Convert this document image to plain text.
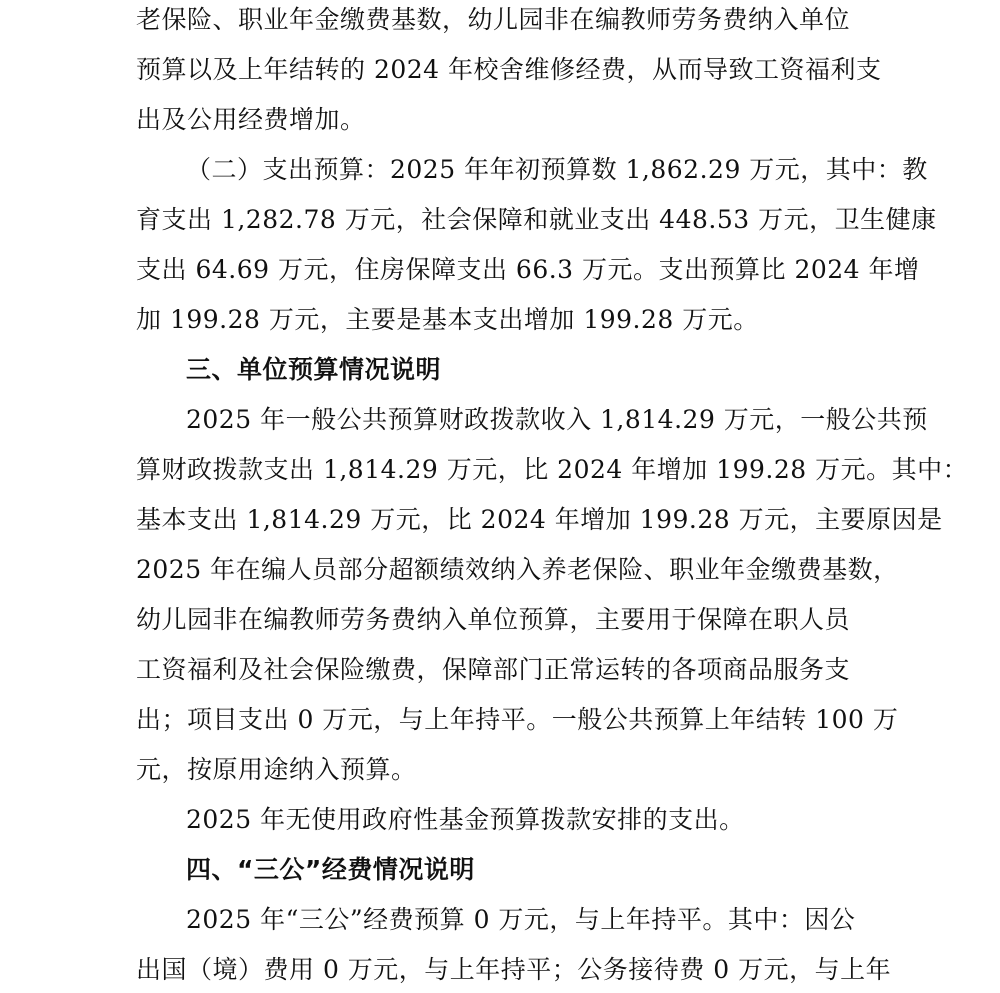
老保险、职业年金缴费基数，幼儿园非在编教师劳务费纳入单位
预算以及上年结转的 2024 年校舍维修经费，从而导致工资福利支
出及公用经费增加。
（二）支出预算：2025 年年初预算数 1,862.29 万元，其中：教
育支出 1,282.78 万元，社会保障和就业支出 448.53 万元，卫生健康
支出 64.69 万元，住房保障支出 66.3 万元。支出预算比 2024 年增
加 199.28 万元，主要是基本支出增加 199.28 万元。
三、单位预算情况说明
2025 年一般公共预算财政拨款收入 1,814.29 万元，一般公共预
算财政拨款支出 1,814.29 万元，比 2024 年增加 199.28 万元。其中：
基本支出 1,814.29 万元，比 2024 年增加 199.28 万元，主要原因是
2025 年在编人员部分超额绩效纳入养老保险、职业年金缴费基数，
幼儿园非在编教师劳务费纳入单位预算，主要用于保障在职人员
工资福利及社会保险缴费，保障部门正常运转的各项商品服务支
出；项目支出 0 万元，与上年持平。一般公共预算上年结转 100 万
元，按原用途纳入预算。
2025 年无使用政府性基金预算拨款安排的支出。
四、“三公”经费情况说明
2025 年“三公”经费预算 0 万元，与上年持平。其中：因公
出国（境）费用 0 万元，与上年持平；公务接待费 0 万元，与上年
